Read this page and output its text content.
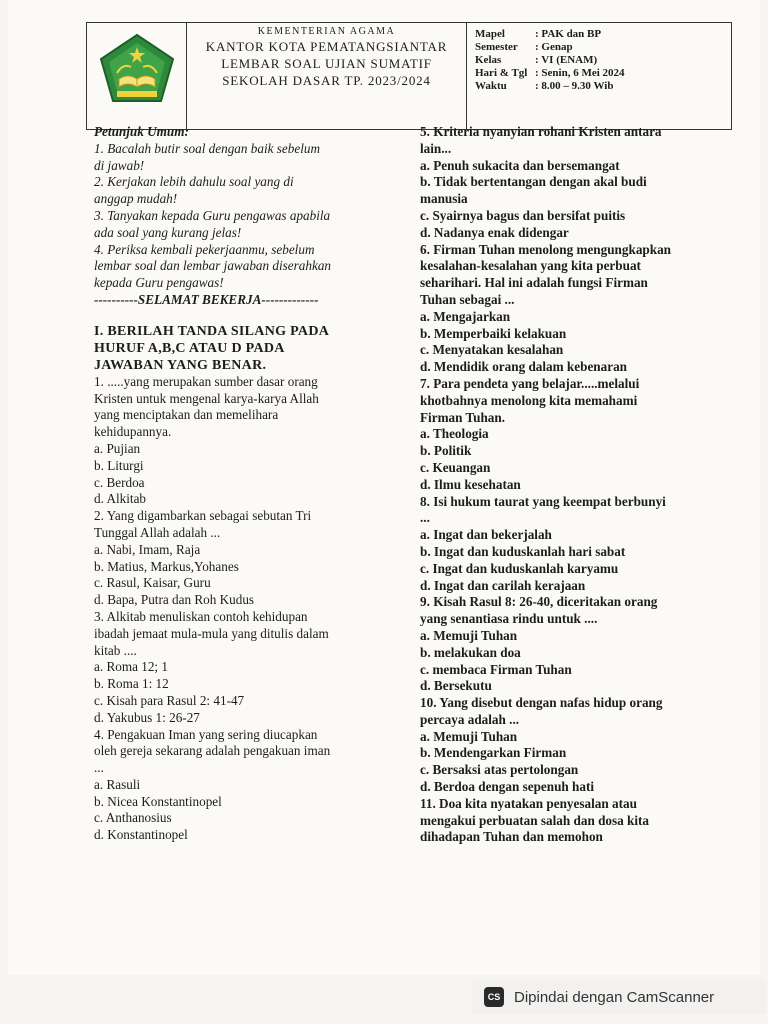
KEMENTERIAN AGAMA
KANTOR KOTA PEMATANGSIANTAR
LEMBAR SOAL UJIAN SUMATIF
SEKOLAH DASAR TP. 2023/2024
Mapel	: PAK dan BP
Semester : Genap
Kelas	: VI (ENAM)
Hari & Tgl : Senin, 6 Mei 2024
Waktu	: 8.00 – 9.30 Wib

Petunjuk Umum:

1. Bacalah butir soal dengan baik sebelum

di jawab!

2. Kerjakan lebih dahulu soal yang di

anggap mudah!

3. Tanyakan kepada Guru pengawas apabila

ada soal yang kurang jelas!

4. Periksa kembali pekerjaanmu, sebelum

lembar soal dan lembar jawaban diserahkan

kepada Guru pengawas!

----------SELAMAT BEKERJA-------------

I. BERILAH TANDA SILANG PADA

HURUF A,B,C ATAU D PADA

JAWABAN YANG BENAR.

1. .....yang merupakan sumber dasar orang

Kristen untuk mengenal karya-karya Allah

yang menciptakan dan memelihara

kehidupannya.

a. Pujian

b. Liturgi

c. Berdoa

d. Alkitab

2. Yang digambarkan sebagai sebutan Tri

Tunggal Allah adalah ...

a. Nabi, Imam, Raja

b. Matius, Markus,Yohanes

c. Rasul, Kaisar, Guru

d. Bapa, Putra dan Roh Kudus

3. Alkitab menuliskan contoh kehidupan

ibadah jemaat mula-mula yang ditulis dalam

kitab ....

a. Roma 12; 1

b. Roma 1: 12

c. Kisah para Rasul 2: 41-47

d. Yakubus 1: 26-27

4. Pengakuan Iman yang sering diucapkan

oleh gereja sekarang adalah pengakuan iman

...

a. Rasuli

b. Nicea Konstantinopel

c. Anthanosius

d. Konstantinopel

5. Kriteria nyanyian rohani Kristen antara

lain...

a. Penuh sukacita dan bersemangat

b. Tidak bertentangan dengan akal budi

manusia

c. Syairnya bagus dan bersifat puitis

d. Nadanya enak didengar

6. Firman Tuhan menolong mengungkapkan

kesalahan-kesalahan yang kita perbuat

seharihari. Hal ini adalah fungsi Firman

Tuhan sebagai ...

a. Mengajarkan

b. Memperbaiki kelakuan

c. Menyatakan kesalahan

d. Mendidik orang dalam kebenaran

7. Para pendeta yang belajar.....melalui

khotbahnya menolong kita memahami

Firman Tuhan.

a. Theologia

b. Politik

c. Keuangan

d. Ilmu kesehatan

8. Isi hukum taurat yang keempat berbunyi

...

a. Ingat dan bekerjalah

b. Ingat dan kuduskanlah hari sabat

c. Ingat dan kuduskanlah karyamu

d. Ingat dan carilah kerajaan

9. Kisah Rasul 8: 26-40, diceritakan orang

yang senantiasa rindu untuk ....

a. Memuji Tuhan

b. melakukan doa

c. membaca Firman Tuhan

d. Bersekutu

10. Yang disebut dengan nafas hidup orang

percaya adalah ...

a. Memuji Tuhan

b. Mendengarkan Firman

c. Bersaksi atas pertolongan

d. Berdoa dengan sepenuh hati

11. Doa kita nyatakan penyesalan atau

mengakui perbuatan salah dan dosa kita

dihadapan Tuhan dan memohon

CS Dipindai dengan CamScanner
